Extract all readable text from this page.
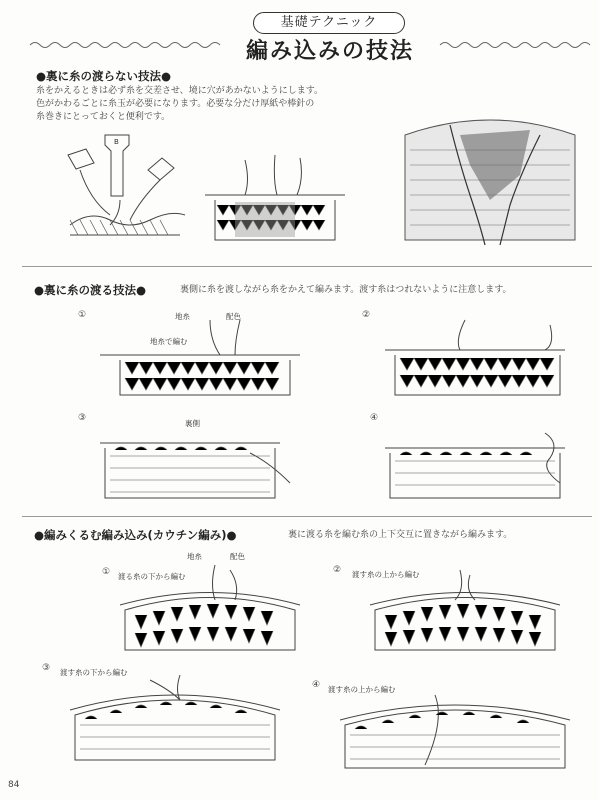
基礎テクニック
編み込みの技法
●裏に糸の渡らない技法●
糸をかえるときは必ず糸を交差させ、境に穴があかないようにします。
色がかわるごとに糸玉が必要になります。必要な分だけ厚紙や棒針の
糸巻きにとっておくと便利です。
B
●裏に糸の渡る技法●	裏側に糸を渡しながら糸をかえて編みます。渡す糸はつれないように注意します。
①	地糸	配色
地糸で編む
②
③
裏側
④
●編みくるむ編み込み(カウチン編み)●	裏に渡る糸を編む糸の上下交互に置きながら編みます。
①
地糸	配色
渡る糸の下から編む
② 渡す糸の上から編む
③ 渡す糸の下から編む
④ 渡す糸の上から編む
84
